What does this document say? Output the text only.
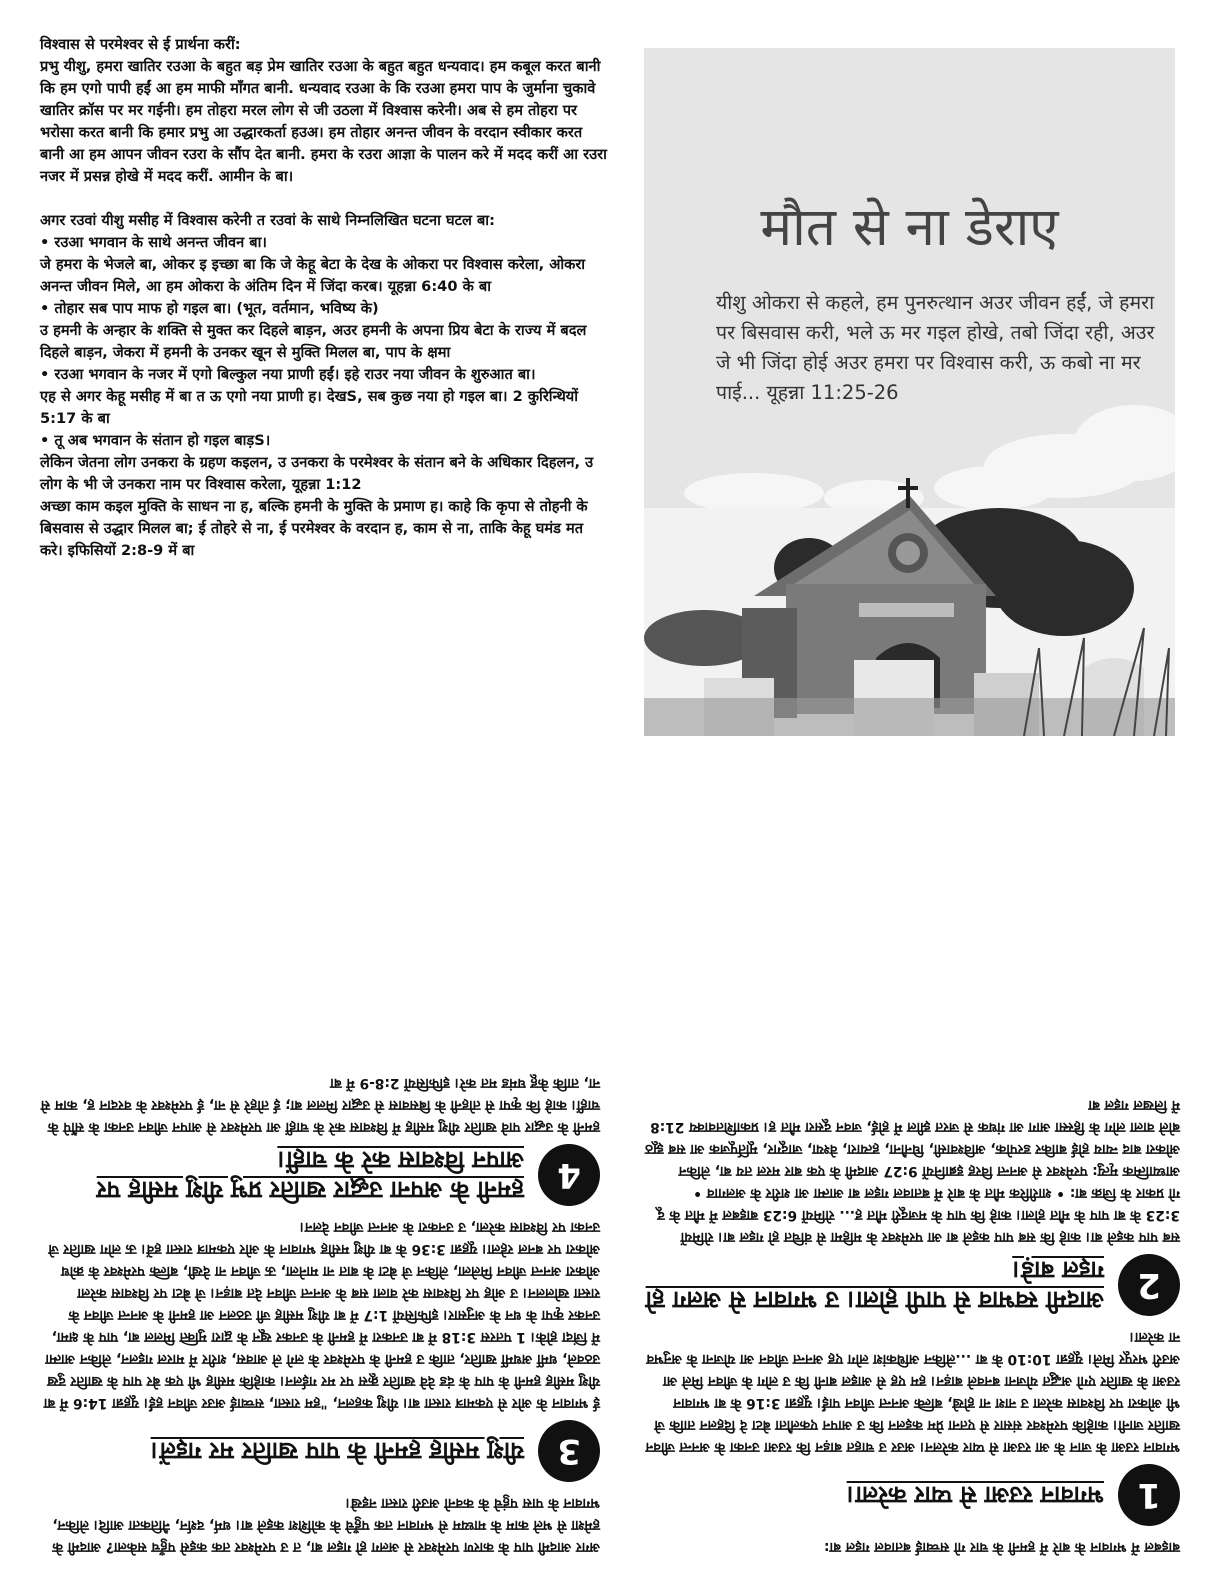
विश्वास से परमेश्वर से ई प्रार्थना करीं:

प्रभु यीशु, हमरा खातिर रउआ के बहुत बड़ प्रेम खातिर रउआ के बहुत बहुत धन्यवाद। हम कबूल करत बानी कि हम एगो पापी हईं आ हम माफी माँगत बानी. धन्यवाद रउआ के कि रउआ हमरा पाप के जुर्माना चुकावे खातिर क्रॉस पर मर गईनी। हम तोहरा मरल लोग से जी उठला में विश्वास करेनी। अब से हम तोहरा पर भरोसा करत बानी कि हमार प्रभु आ उद्धारकर्ता हउअ। हम तोहार अनन्त जीवन के वरदान स्वीकार करत बानी आ हम आपन जीवन रउरा के सौंप देत बानी. हमरा के रउरा आज्ञा के पालन करे में मदद करीं आ रउरा नजर में प्रसन्न होखे में मदद करीं. आमीन के बा।

अगर रउवां यीशु मसीह में विश्वास करेनी त रउवां के साथे निम्नलिखित घटना घटल बा:

• रउआ भगवान के साथे अनन्त जीवन बा।

जे हमरा के भेजले बा, ओकर इ इच्छा बा कि जे केहू बेटा के देख के ओकरा पर विश्वास करेला, ओकरा अनन्त जीवन मिले, आ हम ओकरा के अंतिम दिन में जिंदा करब। यूहन्ना 6:40 के बा

• तोहार सब पाप माफ हो गइल बा। (भूत, वर्तमान, भविष्य के)

उ हमनी के अन्हार के शक्ति से मुक्त कर दिहले बाड़न, अउर हमनी के अपना प्रिय बेटा के राज्य में बदल दिहले बाड़न, जेकरा में हमनी के उनकर खून से मुक्ति मिलल बा, पाप के क्षमा

• रउआ भगवान के नजर में एगो बिल्कुल नया प्राणी हईं। इहे राउर नया जीवन के शुरुआत बा।

एह से अगर केहू मसीह में बा त ऊ एगो नया प्राणी ह। देखS, सब कुछ नया हो गइल बा। 2 कुरिन्थियों 5:17 के बा

• तू अब भगवान के संतान हो गइल बाड़S।

लेकिन जेतना लोग उनकरा के ग्रहण कइलन, उ उनकरा के परमेश्वर के संतान बने के अधिकार दिहलन, उ लोग के भी जे उनकरा नाम पर विश्वास करेला, यूहन्ना 1:12

अच्छा काम कइल मुक्ति के साधन ना ह, बल्कि हमनी के मुक्ति के प्रमाण ह। काहे कि कृपा से तोहनी के बिसवास से उद्धार मिलल बा; ई तोहरे से ना, ई परमेश्वर के वरदान ह, काम से ना, ताकि केहू घमंड मत करे। इफिसियों 2:8-9 में बा

मौत से ना डेराए
यीशु ओकरा से कहले, हम पुनरुत्थान अउर जीवन हईं, जे हमरा पर बिसवास करी, भले ऊ मर गइल होखे, तबो जिंदा रही, अउर जे भी जिंदा होई अउर हमरा पर विश्वास करी, ऊ कबो ना मर पाई... यूहन्ना 11:25-26

बाइबल में भगवान के बारे में हमनी के चार गो सच्चाई बतावल गइल बा:

1
भगवान रउआ से प्यार करेला।

भगवान रउआ के जान के आ रउआ से प्यार करेलन। अउर उ चाहत बाड़न कि रउआ उनका के अनन्त जीवन खातिर जानी। काहेकि परमेश्वर संसार से एतना प्रेम कइलन कि उ आपन एकलौता बेटा दे दिहलन ताकि जे भी ओकरा पर विश्वास करेला उ नाश ना होखे, बल्कि अनन्त जीवन पाईं। यूहन्ना 3:16 के बा भगवान रउआ के खातिर एगो अद्भुत योजना बनवले बाड़न। हम एह से आइल बानी कि उ लोग के जीवन मिले आ अउरी भरपूर मिले। यूहन्ना 10:10 के बा ...लेकिन अधिकांश लोग एह अनन्त जीवन आ योजना के अनुभव ना करेला।

2
आदमी स्वभाव से पापी होला। उ भगवान से अलग हो गइल बाड़े।

सब पाप कइले बा। काहे कि सब पाप कइले बा आ परमेश्वर के महिमा से वंचित हो गइल बा। रोमियों 3:23 के बा पाप के मौत होला। काहे कि पाप के मजदूरी मौत ह... रोमियों 6:23 बाइबल में मौत के दू गो प्रकार के जिक्र बा: • शारीरिक मौत के बारे में बतावल गइल बा आत्मा आ शरीर के अलगाव • आध्यात्मिक मृत्यु: परमेश्वर से अनन्त विरह इब्रानियों 9:27 आदमी के एक बार मरल तय बा, लेकिन ओकरा बाद न्याय होई बाकिर डरपोक, अविश्वासी, घिनौना, हत्यारा, वेश्या, जादूगर, मूर्तिपूजक आ सब झूठ बोले वाला लोग के हिस्सा आग आ गंधक से जरत झील में होई, जवन दूसरा मौत ह। प्रकाशितवाक्य 21:8 में लिखल गइल बा

अगर आदमी पाप के कारण परमेश्वर से अलग हो गइल बा, त उ परमेश्वर तक कइसे पहुँच सकेला? आदमी के हमेशा से भले काम के माध्यम से भगवान तक पहुँचे के कोशिश कइले बा। धर्म, दर्शन, नैतिकता आदि। लेकिन, भगवान के पास पहुंचे के कवनो अउरी रास्ता नइखे।

3
यीशु मसीह हमनी के पाप खातिर मर गइलें।

ई भगवान के ओर से एकमात्र रास्ता बा। यीशु कहलन, "हम रास्ता, सच्चाई अउर जीवन हईं। यूहन्ना 14:6 में बा यीशु मसीह हमनी के पाप के दंड देवे खातिर क्रूस पर मर गईलन। काहेकि मसीह भी एक बेर पाप के खातिर दुख उठवले, धर्मी अधर्मी खातिर, ताकि उ हमनी के परमेश्वर के लगे ले आवस, शरीर में मारल गइलन, लेकिन आत्मा में जिंदा होके। 1 पतरस 3:18 में बा उनकरा में हमनी के उनकर खून के द्वारा मुक्ति मिलल बा, पाप के क्षमा, उनकर कृपा के धन के अनुसार। इफिसियों 1:7 में बा यीशु मसीह जी उठलन आ हमनी के अनन्त जीवन के रास्ता खोललन। उ ओह पर विश्वास करे वाला सब के अनन्त जीवन देत बाड़न। जे बेटा पर विश्वास करेला ओकरा अनन्त जीवन मिलेला, लेकिन जे बेटा के बात ना मानेला, ऊ जीवन ना देखी, बल्कि परमेश्वर के क्रोध ओकरा पर बनल रहेला। यूहन्ना 3:36 के बा यीशु मसीह भगवान के ओर एकमात्र रास्ता हवें। ऊ लोग खातिर जे उनका पर विश्वास करेला, उ उनकरा के अनन्त जीवन देलन।

4
हमनी के अपना उद्धार खातिर प्रभु यीशु मसीह पर आपन विश्वास करे के चाहीं।

हमनी के उद्धार पावे खातिर यीशु मसीह में विश्वास करे के चाहीं आ परमेश्वर से आपन जीवन उनका के सौंपे के चाहीं। काहे कि कृपा से तोहनी के बिसवास से उद्धार मिलल बा; ई तोहरे से ना, ई परमेश्वर के वरदान ह, काम से ना, ताकि केहू घमंड मत करे। इफिसियों 2:8-9 में बा
